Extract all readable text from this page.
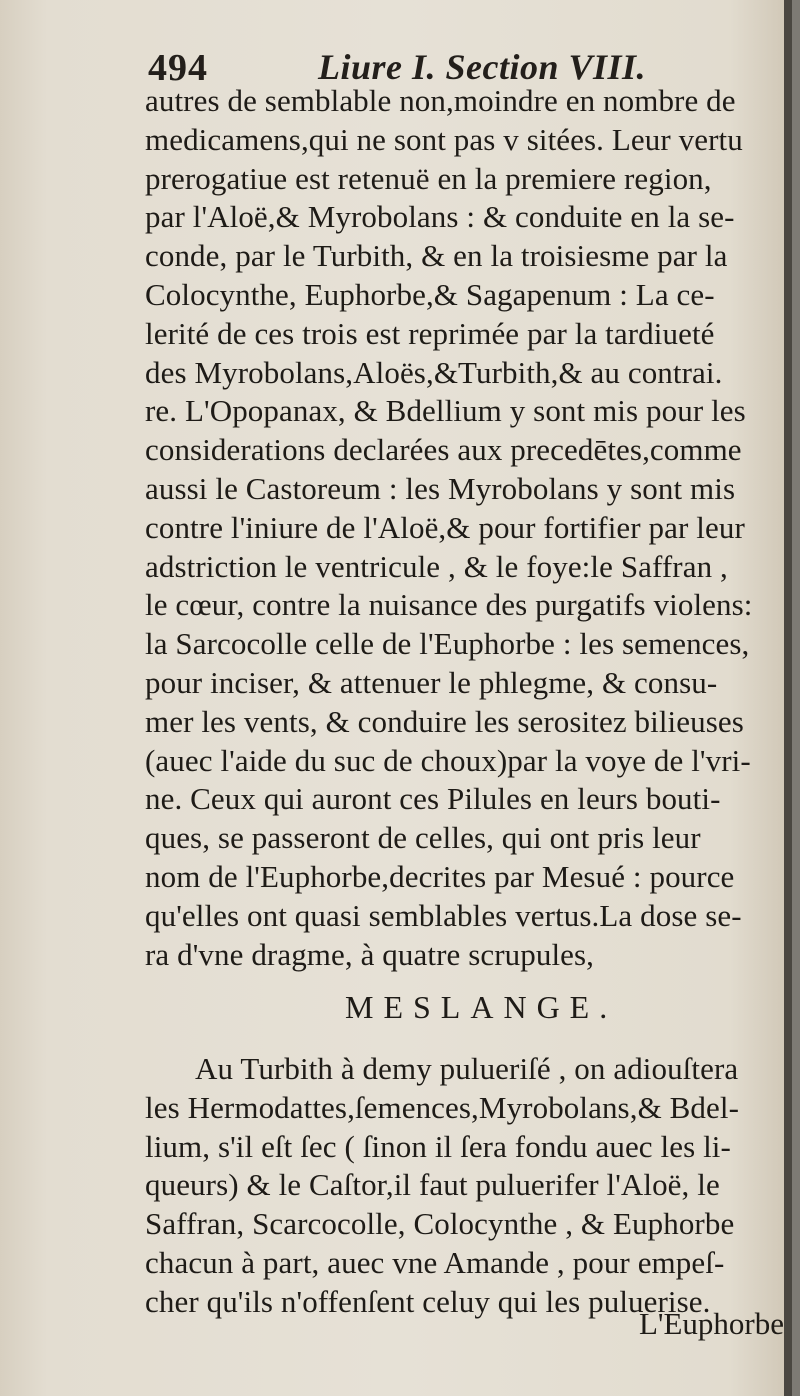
494	Liure I. Section VIII.
autres de semblable non,moindre en nombre de
medicamens,qui ne sont pas v sitées. Leur vertu
prerogatiue est retenuë en la premiere region,
par l'Aloë,& Myrobolans : & conduite en la se-
conde, par le Turbith, & en la troisiesme par la
Colocynthe, Euphorbe,& Sagapenum : La ce-
lerité de ces trois est reprimée par la tardiueté
des Myrobolans,Aloës,&Turbith,& au contrai.
re. L'Opopanax, & Bdellium y sont mis pour les
considerations declarées aux precedētes,comme
aussi le Castoreum : les Myrobolans y sont mis
contre l'iniure de l'Aloë,& pour fortifier par leur
adstriction le ventricule , & le foye:le Saffran ,
le cœur, contre la nuisance des purgatifs violens:
la Sarcocolle celle de l'Euphorbe : les semences,
pour inciser, & attenuer le phlegme, & consu-
mer les vents, & conduire les serositez bilieuses
(auec l'aide du suc de choux)par la voye de l'vri-
ne. Ceux qui auront ces Pilules en leurs bouti-
ques, se passeront de celles, qui ont pris leur
nom de l'Euphorbe,decrites par Mesué : pource
qu'elles ont quasi semblables vertus.La dose se-
ra d'vne dragme, à quatre scrupules,
MESLANGE.
Au Turbith à demy pulueriſé , on adiouſtera
les Hermodattes,ſemences,Myrobolans,& Bdel-
lium, s'il eſt ſec ( ſinon il ſera fondu auec les li-
queurs) & le Caſtor,il faut puluerifer l'Aloë, le
Saffran, Scarcocolle, Colocynthe , & Euphorbe
chacun à part, auec vne Amande , pour empeſ-
cher qu'ils n'offenſent celuy qui les puluerise.
L'Euphorbe
